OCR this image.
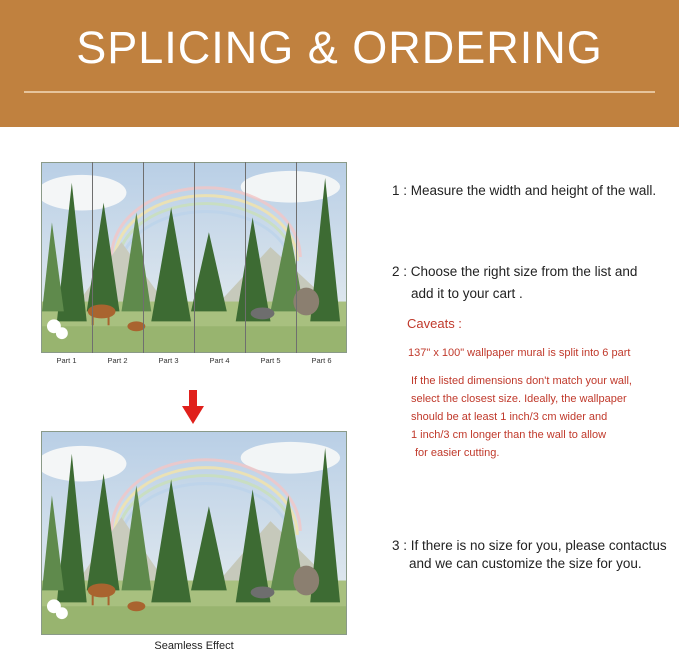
SPLICING & ORDERING
Part 1	Part 2	Part 3	Part 4	Part 5	Part 6
Seamless Effect
1 : Measure the width and height of the wall.
2 : Choose the right size from the list and
add it to your cart .
Caveats :
137" x 100" wallpaper mural is split into 6 part
If the listed dimensions don't match your wall,
select the closest size. Ideally, the wallpaper
should be at least 1 inch/3 cm wider and
1 inch/3 cm longer than the wall to allow
for easier cutting.
3 : If there is no size for you, please contactus
and we can customize the size for you.
